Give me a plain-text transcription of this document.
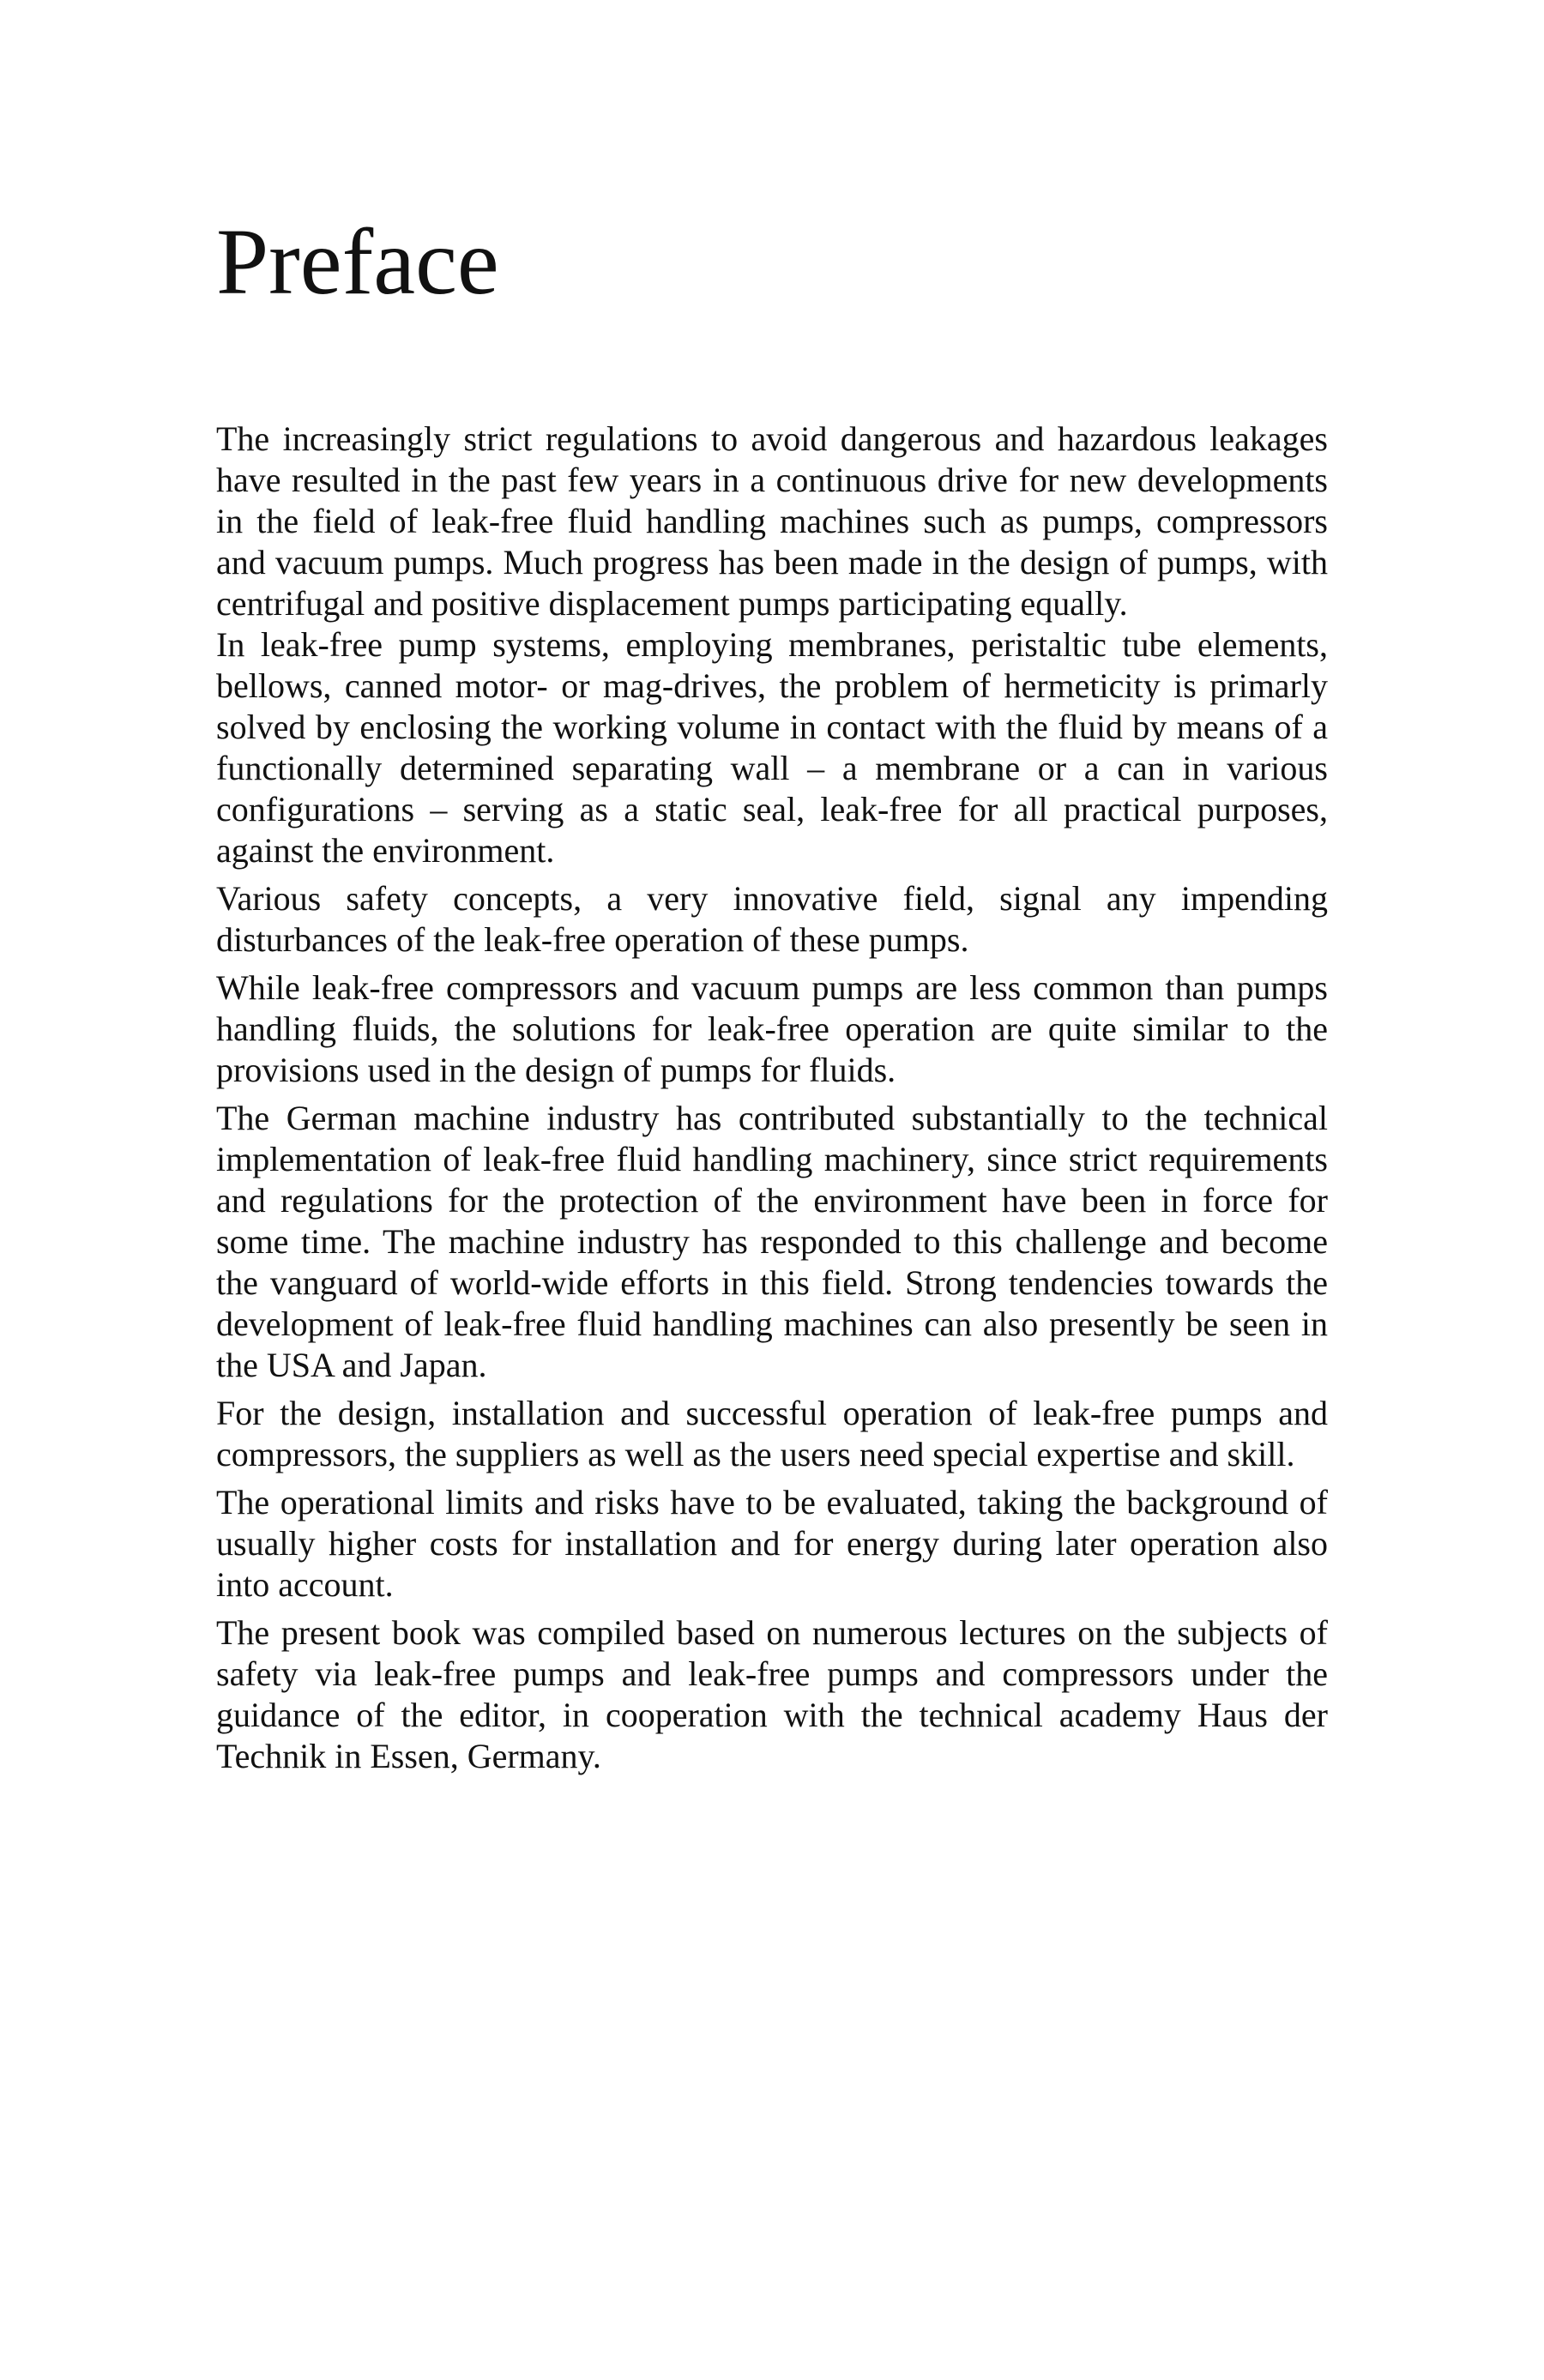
Preface

The increasingly strict regulations to avoid dangerous and hazardous leakages have resulted in the past few years in a continuous drive for new developments in the field of leak-free fluid handling machines such as pumps, compressors and vacuum pumps. Much progress has been made in the design of pumps, with centrifugal and positive displacement pumps participating equally.

In leak-free pump systems, employing membranes, peristaltic tube elements, bellows, canned motor- or mag-drives, the problem of hermeticity is primarly solved by enclosing the working volume in contact with the fluid by means of a functionally determined separating wall – a membrane or a can in various configurations – serving as a static seal, leak-free for all practical purposes, against the environment.

Various safety concepts, a very innovative field, signal any impending disturbances of the leak-free operation of these pumps.

While leak-free compressors and vacuum pumps are less common than pumps handling fluids, the solutions for leak-free operation are quite similar to the provisions used in the design of pumps for fluids.

The German machine industry has contributed substantially to the technical implementation of leak-free fluid handling machinery, since strict requirements and regulations for the protection of the environment have been in force for some time. The machine industry has responded to this challenge and become the vanguard of world-wide efforts in this field. Strong tendencies towards the development of leak-free fluid handling machines can also presently be seen in the USA and Japan.

For the design, installation and successful operation of leak-free pumps and compressors, the suppliers as well as the users need special expertise and skill.

The operational limits and risks have to be evaluated, taking the background of usually higher costs for installation and for energy during later operation also into account.

The present book was compiled based on numerous lectures on the subjects of safety via leak-free pumps and leak-free pumps and compressors under the guidance of the editor, in cooperation with the technical academy Haus der Technik in Essen, Germany.
